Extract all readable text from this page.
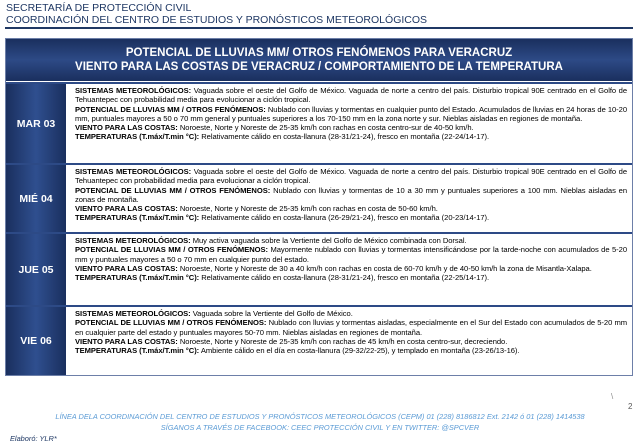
SECRETARÍA DE PROTECCIÓN CIVIL
COORDINACIÓN DEL CENTRO DE ESTUDIOS Y PRONÓSTICOS METEOROLÓGICOS
POTENCIAL DE LLUVIAS MM/ OTROS FENÓMENOS PARA VERACRUZ
VIENTO PARA LAS COSTAS DE VERACRUZ / COMPORTAMIENTO DE LA TEMPERATURA
MAR 03

SISTEMAS METEOROLÓGICOS: Vaguada sobre el oeste del Golfo de México. Vaguada de norte a centro del país. Disturbio tropical 90E centrado en el Golfo de Tehuantepec con probabilidad media para evolucionar a ciclón tropical.

POTENCIAL DE LLUVIAS MM / OTROS FENÓMENOS: Nublado con lluvias y tormentas en cualquier punto del Estado. Acumulados de lluvias en 24 horas de 10-20 mm, puntuales mayores a 50 o 70 mm general y puntuales superiores a los 70-150 mm en la zona norte y sur. Nieblas aisladas en regiones de montaña.

VIENTO PARA LAS COSTAS: Noroeste, Norte y Noreste de 25-35 km/h con rachas en costa centro-sur de 40-50 km/h.

TEMPERATURAS (T.máx/T.min °C): Relativamente cálido en costa-llanura (28-31/21-24), fresco en montaña (22-24/14-17).

MIÉ 04

SISTEMAS METEOROLÓGICOS: Vaguada sobre el oeste del Golfo de México. Vaguada de norte a centro del país. Disturbio tropical 90E centrado en el Golfo de Tehuantepec con probabilidad media para evolucionar a ciclón tropical.

POTENCIAL DE LLUVIAS MM / OTROS FENÓMENOS: Nublado con lluvias y tormentas de 10 a 30 mm y puntuales superiores a 100 mm. Nieblas aisladas en zonas de montaña.

VIENTO PARA LAS COSTAS: Noroeste, Norte y Noreste de 25-35 km/h con rachas en costa de 50-60 km/h.

TEMPERATURAS (T.máx/T.min °C): Relativamente cálido en costa-llanura (26-29/21-24), fresco en montaña (20-23/14-17).

JUE 05

SISTEMAS METEOROLÓGICOS: Muy activa vaguada sobre la Vertiente del Golfo de México combinada con Dorsal.

POTENCIAL DE LLUVIAS MM / OTROS FENÓMENOS: Mayormente nublado con lluvias y tormentas intensificándose por la tarde-noche con acumulados de 5-20 mm y puntuales mayores a 50 o 70 mm en cualquier punto del estado.

VIENTO PARA LAS COSTAS: Noroeste, Norte y Noreste de 30 a 40 km/h con rachas en costa de 60-70 km/h y de 40-50 km/h la zona de Misantla-Xalapa.

TEMPERATURAS (T.máx/T.min °C): Relativamente cálido en costa-llanura (28-31/21-24), fresco en montaña (22-25/14-17).

VIE 06

SISTEMAS METEOROLÓGICOS: Vaguada sobre la Vertiente del Golfo de México.

POTENCIAL DE LLUVIAS MM / OTROS FENÓMENOS: Nublado con lluvias y tormentas aisladas, especialmente en el Sur del Estado con acumulados de 5-20 mm en cualquier parte del estado y puntuales mayores 50-70 mm. Nieblas aisladas en regiones de montaña.

VIENTO PARA LAS COSTAS: Noroeste, Norte y Noreste de 25-35 km/h con rachas de 45 km/h en costa centro-sur, decreciendo.

TEMPERATURAS (T.máx/T.min °C): Ambiente cálido en el día en costa-llanura (29-32/22-25), y templado en montaña (23-26/13-16).

\
2
LÍNEA DELA COORDINACIÓN DEL CENTRO DE ESTUDIOS Y PRONÓSTICOS METEOROLÓGICOS (CEPM) 01 (228) 8186812 Ext. 2142 ó 01 (228) 1414538
SÍGANOS A TRAVÉS DE FACEBOOK: CEEC PROTECCIÓN CIVIL Y EN TWITTER: @SPCVER
Elaboró: YLR*
